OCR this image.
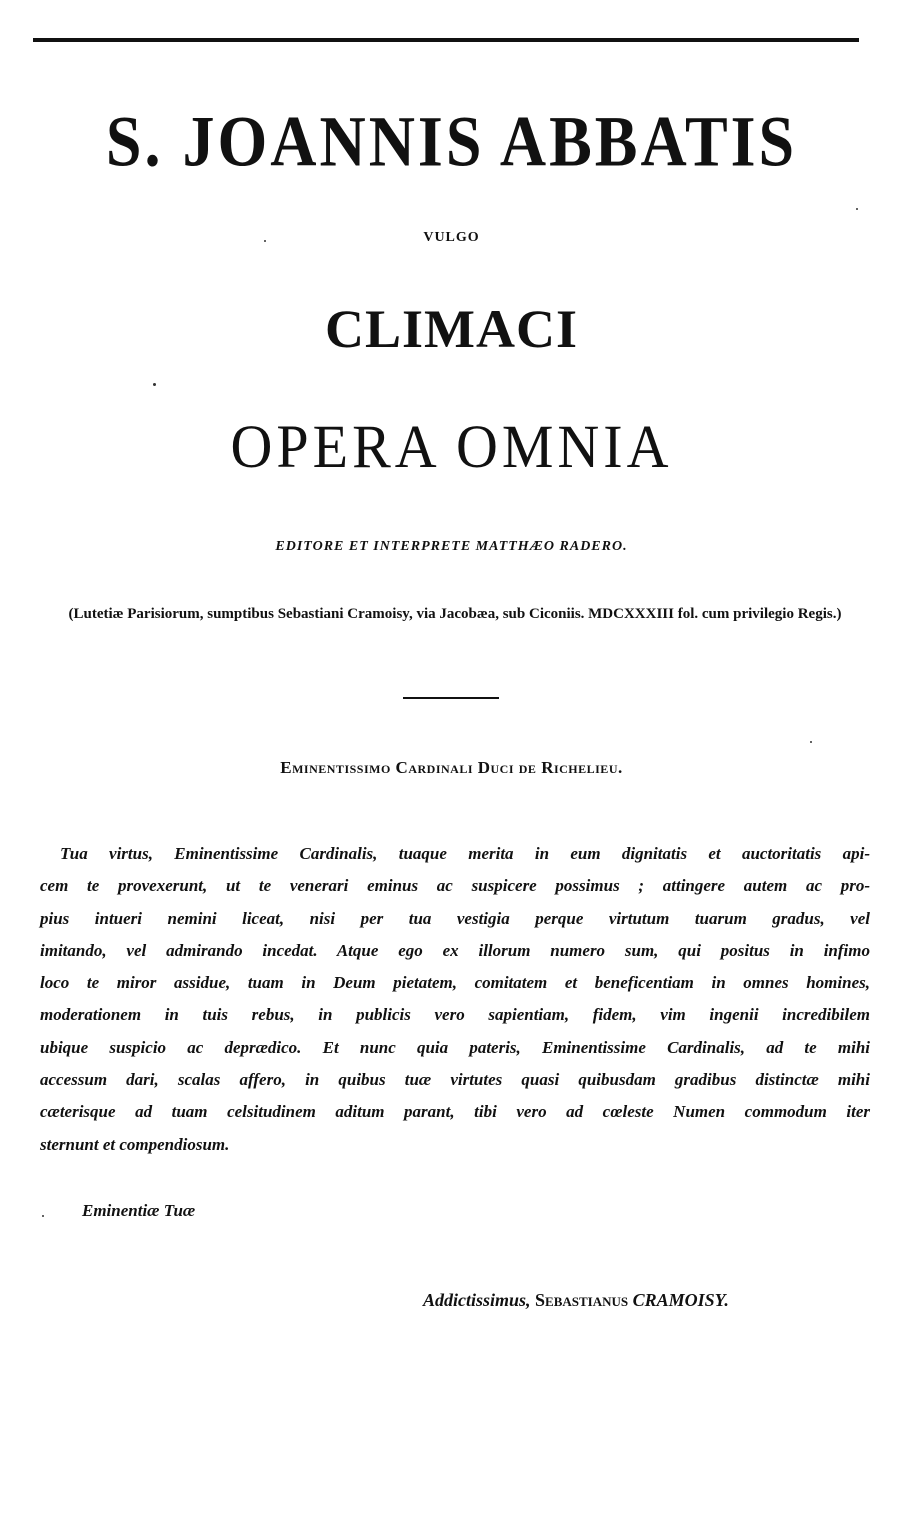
S. JOANNIS ABBATIS
VULGO
CLIMACI
OPERA OMNIA
EDITORE ET INTERPRETE MATTHÆO RADERO.
(Lutetiæ Parisiorum, sumptibus Sebastiani Cramoisy, via Jacobæa, sub Ciconiis. MDCXXXIII fol. cum privilegio Regis.)
Eminentissimo Cardinali Duci de Richelieu.
Tua virtus, Eminentissime Cardinalis, tuaque merita in eum dignitatis et auctoritatis api-
cem te provexerunt, ut te venerari eminus ac suspicere possimus ; attingere autem ac pro-
pius intueri nemini liceat, nisi per tua vestigia perque virtutum tuarum gradus, vel
imitando, vel admirando incedat. Atque ego ex illorum numero sum, qui positus in infimo
loco te miror assidue, tuam in Deum pietatem, comitatem et beneficentiam in omnes homines,
moderationem in tuis rebus, in publicis vero sapientiam, fidem, vim ingenii incredibilem
ubique suspicio ac deprædico. Et nunc quia pateris, Eminentissime Cardinalis, ad te mihi
accessum dari, scalas affero, in quibus tuæ virtutes quasi quibusdam gradibus distinctæ mihi
cæterisque ad tuam celsitudinem aditum parant, tibi vero ad cœleste Numen commodum iter
sternunt et compendiosum.
Eminentiæ Tuæ
Addictissimus, Sebastianus CRAMOISY.
